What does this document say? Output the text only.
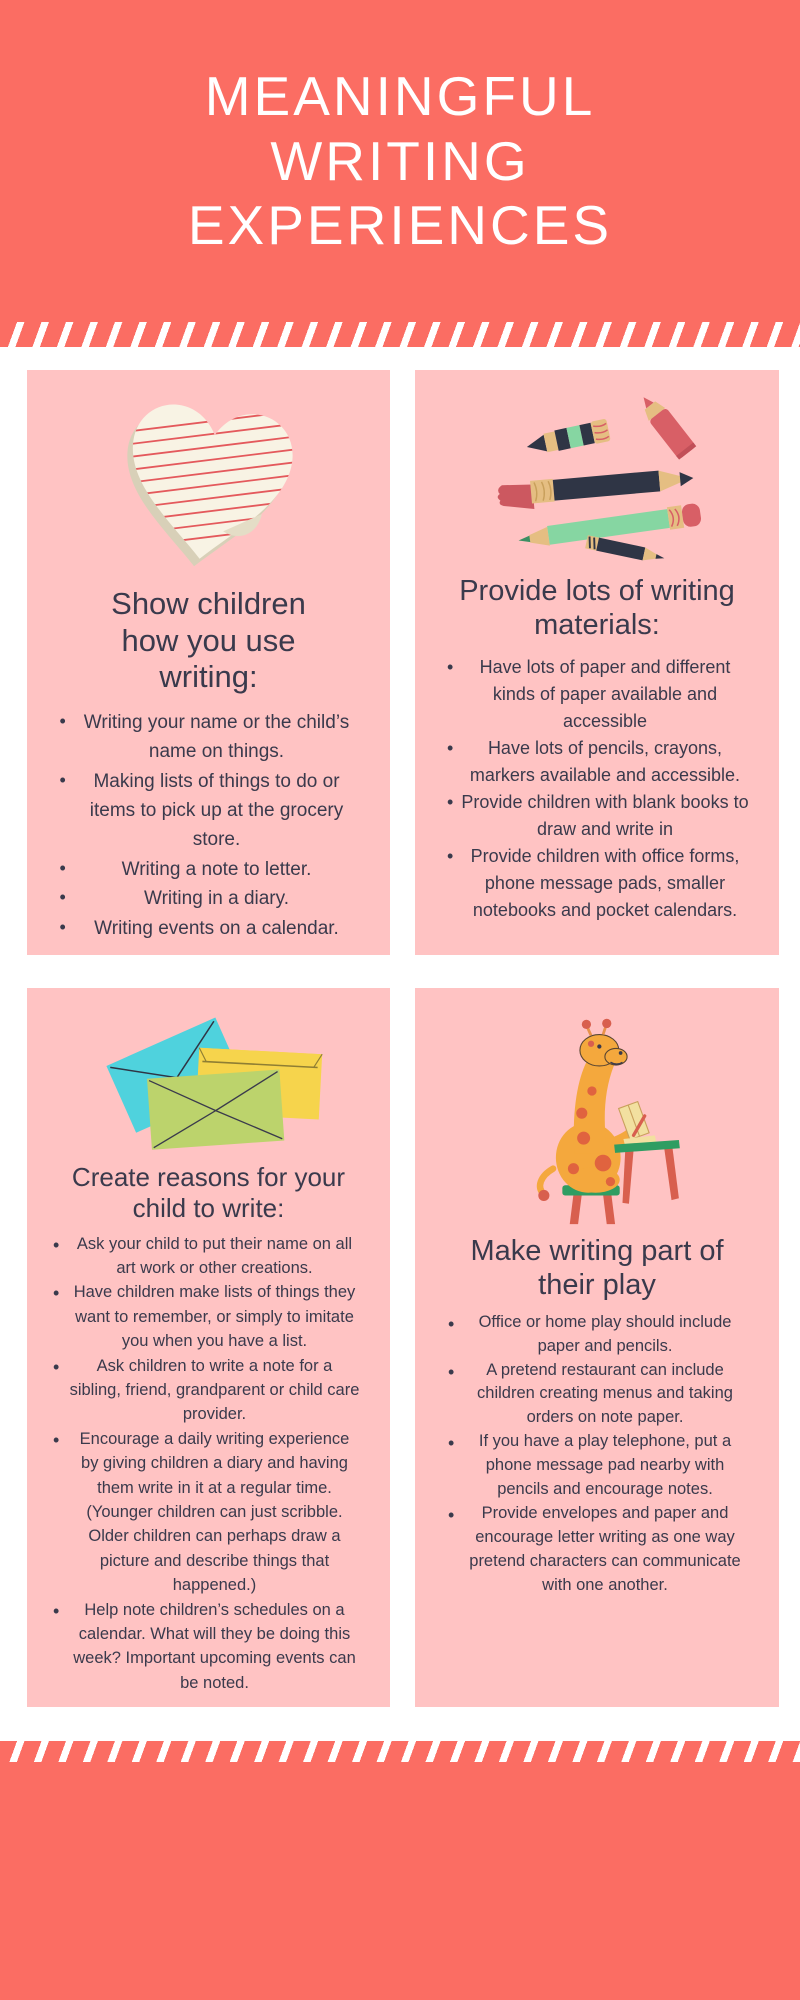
MEANINGFUL WRITING EXPERIENCES
Show children how you use writing:
• Writing your name or the child’s name on things.
• Making lists of things to do or items to pick up at the grocery store.
• Writing a note to letter.
• Writing in a diary.
• Writing events on a calendar.
Provide lots of writing materials:
• Have lots of paper and different kinds of paper available and accessible
• Have lots of pencils, crayons, markers available and accessible.
• Provide children with blank books to draw and write in
• Provide children with office forms, phone message pads, smaller notebooks and pocket calendars.
Create reasons for your child to write:
• Ask your child to put their name on all art work or other creations.
• Have children make lists of things they want to remember, or simply to imitate you when you have a list.
• Ask children to write a note for a sibling, friend, grandparent or child care provider.
• Encourage a daily writing experience by giving children a diary and having them write in it at a regular time. (Younger children can just scribble. Older children can perhaps draw a picture and describe things that happened.)
• Help note children’s schedules on a calendar. What will they be doing this week? Important upcoming events can be noted.
Make writing part of their play
• Office or home play should include paper and pencils.
• A pretend restaurant can include children creating menus and taking orders on note paper.
• If you have a play telephone, put a phone message pad nearby with pencils and encourage notes.
• Provide envelopes and paper and encourage letter writing as one way pretend characters can communicate with one another.
